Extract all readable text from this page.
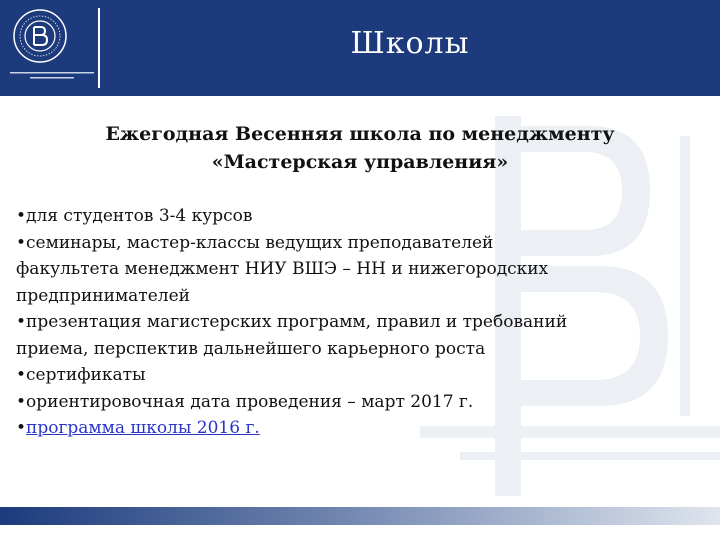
Школы
Ежегодная Весенняя школа по менеджменту
«Мастерская управления»
•для студентов 3-4 курсов
•семинары, мастер-классы ведущих преподавателей
факультета менеджмент НИУ ВШЭ – НН и нижегородских
предпринимателей
•презентация магистерских программ, правил и требований
приема, перспектив дальнейшего карьерного роста
•сертификаты
•ориентировочная дата проведения – март 2017 г.
•программа школы 2016 г.
